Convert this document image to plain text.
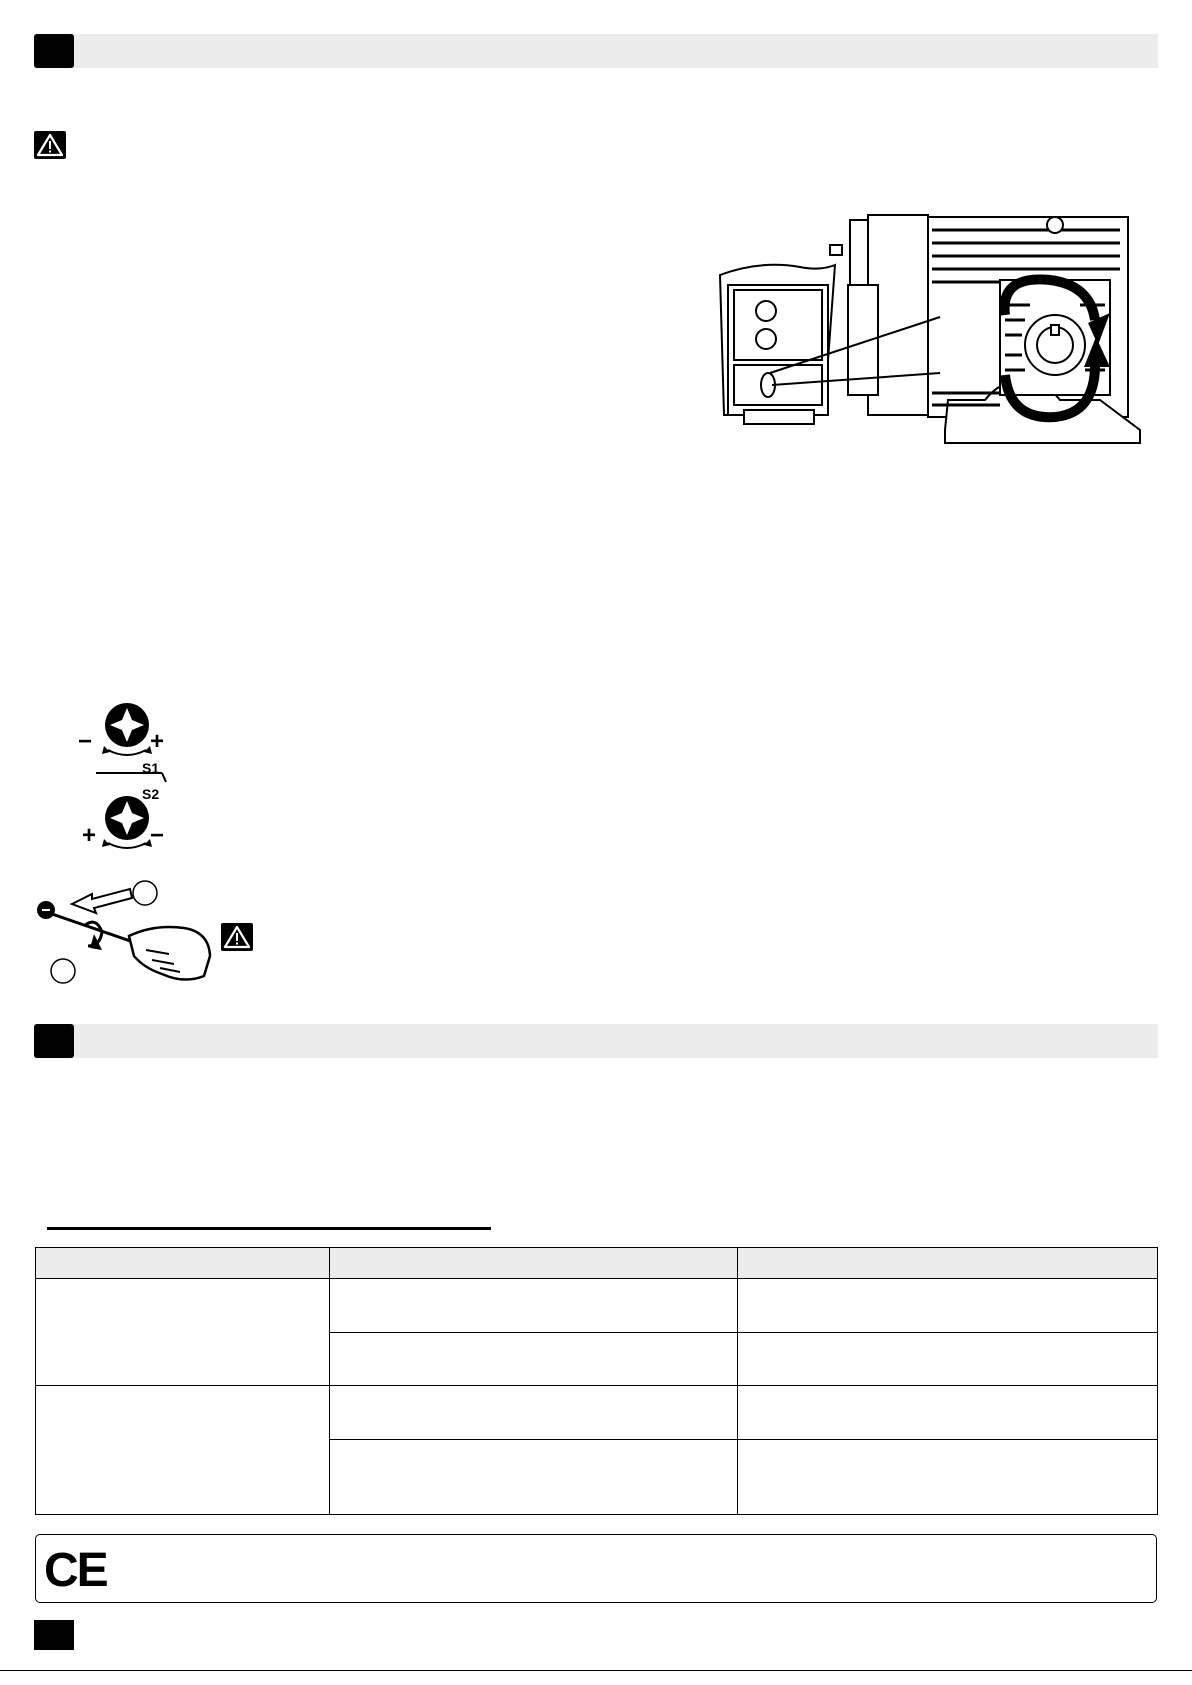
− +
S1
S2
+ −

CE
